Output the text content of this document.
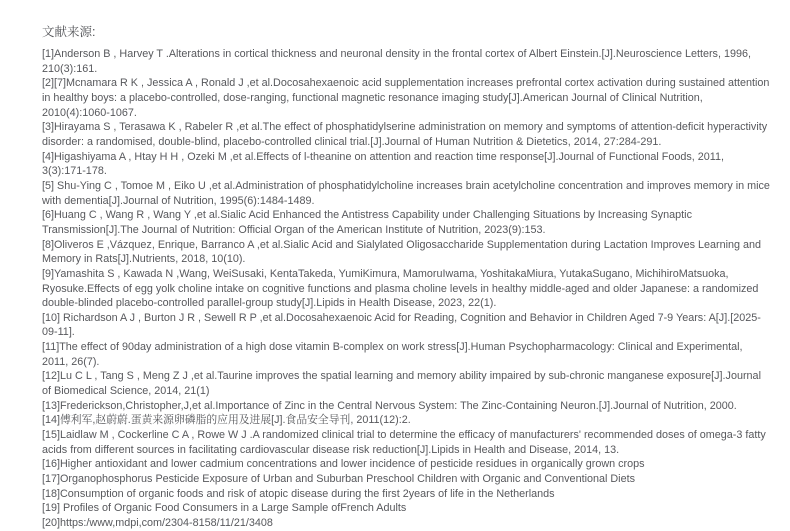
文献来源:

[1]Anderson B , Harvey T .Alterations in cortical thickness and neuronal density in the frontal cortex of Albert Einstein.[J].Neuroscience Letters, 1996, 210(3):161.

[2][7]Mcnamara R K , Jessica A , Ronald J ,et al.Docosahexaenoic acid supplementation increases prefrontal cortex activation during sustained attention in healthy boys: a placebo-controlled, dose-ranging, functional magnetic resonance imaging study[J].American Journal of Clinical Nutrition, 2010(4):1060-1067.

[3]Hirayama S , Terasawa K , Rabeler R ,et al.The effect of phosphatidylserine administration on memory and symptoms of attention-deficit hyperactivity disorder: a randomised, double-blind, placebo-controlled clinical trial.[J].Journal of Human Nutrition & Dietetics, 2014, 27:284-291.

[4]Higashiyama A , Htay H H , Ozeki M ,et al.Effects of l-theanine on attention and reaction time response[J].Journal of Functional Foods, 2011, 3(3):171-178.

[5] Shu-Ying C , Tomoe M , Eiko U ,et al.Administration of phosphatidylcholine increases brain acetylcholine concentration and improves memory in mice with dementia[J].Journal of Nutrition, 1995(6):1484-1489.

[6]Huang C , Wang R , Wang Y ,et al.Sialic Acid Enhanced the Antistress Capability under Challenging Situations by Increasing Synaptic Transmission[J].The Journal of Nutrition: Official Organ of the American Institute of Nutrition, 2023(9):153.

[8]Oliveros E ,Vázquez, Enrique, Barranco A ,et al.Sialic Acid and Sialylated Oligosaccharide Supplementation during Lactation Improves Learning and Memory in Rats[J].Nutrients, 2018, 10(10).

[9]Yamashita S , Kawada N ,Wang, WeiSusaki, KentaTakeda, YumiKimura, MamoruIwama, YoshitakaMiura, YutakaSugano, MichihiroMatsuoka, Ryosuke.Effects of egg yolk choline intake on cognitive functions and plasma choline levels in healthy middle-aged and older Japanese: a randomized double-blinded placebo-controlled parallel-group study[J].Lipids in Health Disease, 2023, 22(1).

[10] Richardson A J , Burton J R , Sewell R P ,et al.Docosahexaenoic Acid for Reading, Cognition and Behavior in Children Aged 7-9 Years: A[J].[2025-09-11].

[11]The effect of 90day administration of a high dose vitamin B-complex on work stress[J].Human Psychopharmacology: Clinical and Experimental, 2011, 26(7).

[12]Lu C L , Tang S , Meng Z J ,et al.Taurine improves the spatial learning and memory ability impaired by sub-chronic manganese exposure[J].Journal of Biomedical Science, 2014, 21(1)

[13]Frederickson,Christopher,J,et al.Importance of Zinc in the Central Nervous System: The Zinc-Containing Neuron.[J].Journal of Nutrition, 2000.

[14]傅利军,赵蔚蔚.蛋黄来源卵磷脂的应用及进展[J].食品安全导刊, 2011(12):2.

[15]Laidlaw M , Cockerline C A , Rowe W J .A randomized clinical trial to determine the efficacy of manufacturers' recommended doses of omega-3 fatty acids from different sources in facilitating cardiovascular disease risk reduction[J].Lipids in Health and Disease, 2014, 13.

[16]Higher antioxidant and lower cadmium concentrations and lower incidence of pesticide residues in organically grown crops

[17]Organophosphorus Pesticide Exposure of Urban and Suburban Preschool Children with Organic and Conventional Diets

[18]Consumption of organic foods and risk of atopic disease during the first 2years of life in the Netherlands

[19] Profiles of Organic Food Consumers in a Large Sample ofFrench Adults

[20]https:/www,mdpi,com/2304-8158/11/21/3408
